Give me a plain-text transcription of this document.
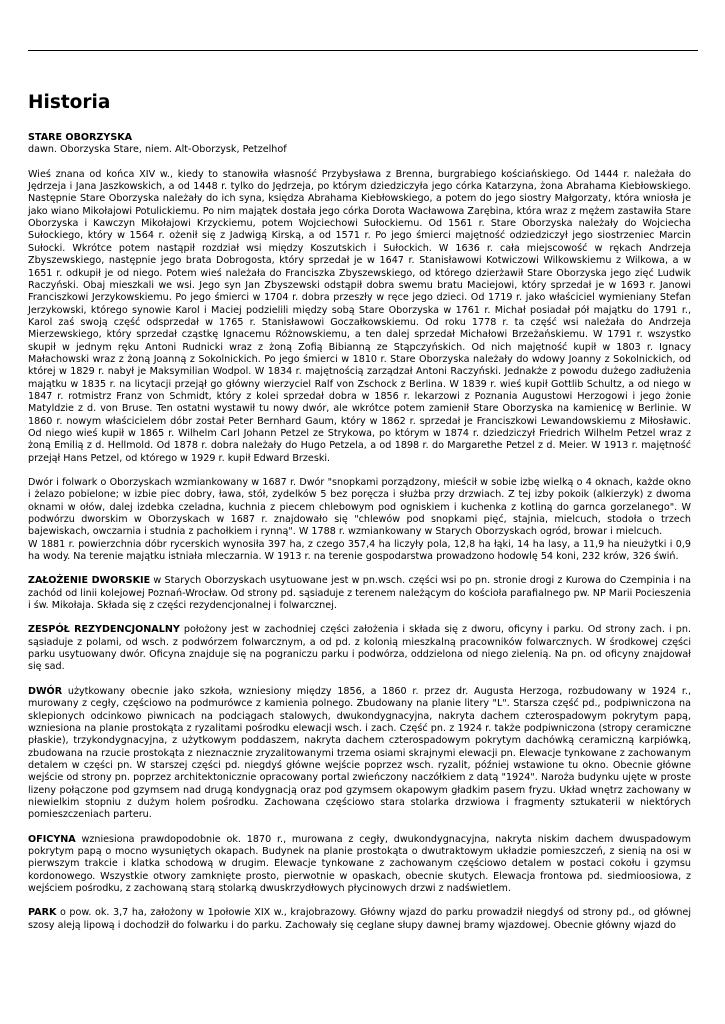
Historia
STARE OBORZYSKA

dawn. Oborzyska Stare, niem. Alt-Oborzysk, Petzelhof

Wieś znana od końca XIV w., kiedy to stanowiła własność Przybysława z Brenna, burgrabiego kościańskiego. Od 1444 r. należała do Jędrzeja i Jana Jaszkowskich, a od 1448 r. tylko do Jędrzeja, po którym dziedziczyła jego córka Katarzyna, żona Abrahama Kiebłowskiego. Następnie Stare Oborzyska należały do ich syna, księdza Abrahama Kiebłowskiego, a potem do jego siostry Małgorzaty, która wniosła je jako wiano Mikołajowi Potulickiemu. Po nim majątek dostała jego córka Dorota Wacławowa Zarębina, która wraz z mężem zastawiła Stare Oborzyska i Kawczyn Mikołajowi Krzyckiemu, potem Wojciechowi Sułockiemu. Od 1561 r. Stare Oborzyska należały do Wojciecha Sułockiego, który w 1564 r. ożenił się z Jadwigą Kirską, a od 1571 r. Po jego śmierci majętność odziedziczył jego siostrzeniec Marcin Sułocki. Wkrótce potem nastąpił rozdział wsi między Koszutskich i Sułockich. W 1636 r. cała miejscowość w rękach Andrzeja Zbyszewskiego, następnie jego brata Dobrogosta, który sprzedał je w 1647 r. Stanisławowi Kotwiczowi Wilkowskiemu z Wilkowa, a w 1651 r. odkupił je od niego. Potem wieś należała do Franciszka Zbyszewskiego, od którego dzierżawił Stare Oborzyska jego zięć Ludwik Raczyński. Obaj mieszkali we wsi. Jego syn Jan Zbyszewski odstąpił dobra swemu bratu Maciejowi, który sprzedał je w 1693 r. Janowi Franciszkowi Jerzykowskiemu. Po jego śmierci w 1704 r. dobra przeszły w ręce jego dzieci. Od 1719 r. jako właściciel wymieniany Stefan Jerzykowski, którego synowie Karol i Maciej podzielili między sobą Stare Oborzyska w 1761 r. Michał posiadał pół majątku do 1791 r., Karol zaś swoją część odsprzedał w 1765 r. Stanisławowi Goczałkowskiemu. Od roku 1778 r. ta część wsi należała do Andrzeja Mierzewskiego, który sprzedał cząstkę Ignacemu Różnowskiemu, a ten dalej sprzedał Michałowi Brzeżańskiemu. W 1791 r. wszystko skupił w jednym ręku Antoni Rudnicki wraz z żoną Zofią Bibianną ze Stąpczyńskich. Od nich majętność kupił w 1803 r. Ignacy Małachowski wraz z żoną Joanną z Sokolnickich. Po jego śmierci w 1810 r. Stare Oborzyska należały do wdowy Joanny z Sokolnickich, od której w 1829 r. nabył je Maksymilian Wodpol. W 1834 r. majętnością zarządzał Antoni Raczyński. Jednakże z powodu dużego zadłużenia majątku w 1835 r. na licytacji przejął go główny wierzyciel Ralf von Zschock z Berlina. W 1839 r. wieś kupił Gottlib Schultz, a od niego w 1847 r. rotmistrz Franz von Schmidt, który z kolei sprzedał dobra w 1856 r. lekarzowi z Poznania Augustowi Herzogowi i jego żonie Matyldzie z d. von Bruse. Ten ostatni wystawił tu nowy dwór, ale wkrótce potem zamienił Stare Oborzyska na kamienicę w Berlinie. W 1860 r. nowym właścicielem dóbr został Peter Bernhard Gaum, który w 1862 r. sprzedał je Franciszkowi Lewandowskiemu z Miłosławic. Od niego wieś kupił w 1865 r. Wilhelm Carl Johann Petzel ze Strykowa, po którym w 1874 r. dziedziczył Friedrich Wilhelm Petzel wraz z żoną Emilią z d. Hellmold. Od 1878 r. dobra należały do Hugo Petzela, a od 1898 r. do Margarethe Petzel z d. Meier. W 1913 r. majętność przejął Hans Petzel, od którego w 1929 r. kupił Edward Brzeski.

Dwór i folwark o Oborzyskach wzmiankowany w 1687 r. Dwór "snopkami porządzony, mieścił w sobie izbę wielką o 4 oknach, każde okno i żelazo pobielone; w izbie piec dobry, ława, stół, zydelków 5 bez poręcza i służba przy drzwiach. Z tej izby pokoik (alkierzyk) z dwoma oknami w ołów, dalej izdebka czeladna, kuchnia z piecem chlebowym pod ogniskiem i kuchenka z kotliną do garnca gorzelanego". W podwórzu dworskim w Oborzyskach w 1687 r. znajdowało się "chlewów pod snopkami pięć, stajnia, mielcuch, stodoła o trzech bajewiskach, owczarnia i studnia z pachołkiem i rynną". W 1788 r. wzmiankowany w Starych Oborzyskach ogród, browar i mielcuch.

W 1881 r. powierzchnia dóbr rycerskich wynosiła 397 ha, z czego 357,4 ha liczyły pola, 12,8 ha łąki, 14 ha lasy, a 11,9 ha nieużytki i 0,9 ha wody. Na terenie majątku istniała mleczarnia. W 1913 r. na terenie gospodarstwa prowadzono hodowlę 54 koni, 232 krów, 326 świń.

ZAŁOŻENIE DWORSKIE w Starych Oborzyskach usytuowane jest w pn.wsch. części wsi po pn. stronie drogi z Kurowa do Czempinia i na zachód od linii kolejowej Poznań-Wrocław. Od strony pd. sąsiaduje z terenem należącym do kościoła parafialnego pw. NP Marii Pocieszenia i św. Mikołaja. Składa się z części rezydencjonalnej i folwarcznej.

ZESPÓŁ REZYDENCJONALNY położony jest w zachodniej części założenia i składa się z dworu, oficyny i parku. Od strony zach. i pn. sąsiaduje z polami, od wsch. z podwórzem folwarcznym, a od pd. z kolonią mieszkalną pracowników folwarcznych. W środkowej części parku usytuowany dwór. Oficyna znajduje się na pograniczu parku i podwórza, oddzielona od niego zielenią. Na pn. od oficyny znajdował się sad.

DWÓR użytkowany obecnie jako szkoła, wzniesiony między 1856, a 1860 r. przez dr. Augusta Herzoga, rozbudowany w 1924 r., murowany z cegły, częściowo na podmurówce z kamienia polnego. Zbudowany na planie litery "L". Starsza część pd., podpiwniczona na sklepionych odcinkowo piwnicach na podciągach stalowych, dwukondygnacyjna, nakryta dachem czterospadowym pokrytym papą, wzniesiona na planie prostokąta z ryzalitami pośrodku elewacji wsch. i zach. Część pn. z 1924 r. także podpiwniczona (stropy ceramiczne płaskie), trzykondygnacyjna, z użytkowym poddaszem, nakryta dachem czterospadowym pokrytym dachówką ceramiczną karpiówką, zbudowana na rzucie prostokąta z nieznacznie zryzalitowanymi trzema osiami skrajnymi elewacji pn. Elewacje tynkowane z zachowanym detalem w części pn. W starszej części pd. niegdyś główne wejście poprzez wsch. ryzalit, później wstawione tu okno. Obecnie główne wejście od strony pn. poprzez architektonicznie opracowany portal zwieńczony naczółkiem z datą "1924". Naroża budynku ujęte w proste lizeny połączone pod gzymsem nad drugą kondygnacją oraz pod gzymsem okapowym gładkim pasem fryzu. Układ wnętrz zachowany w niewielkim stopniu z dużym holem pośrodku. Zachowana częściowo stara stolarka drzwiowa i fragmenty sztukaterii w niektórych pomieszczeniach parteru.

OFICYNA wzniesiona prawdopodobnie ok. 1870 r., murowana z cegły, dwukondygnacyjna, nakryta niskim dachem dwuspadowym pokrytym papą o mocno wysuniętych okapach. Budynek na planie prostokąta o dwutraktowym układzie pomieszczeń, z sienią na osi w pierwszym trakcie i klatka schodową w drugim. Elewacje tynkowane z zachowanym częściowo detalem w postaci cokołu i gzymsu kordonowego. Wszystkie otwory zamknięte prosto, pierwotnie w opaskach, obecnie skutych. Elewacja frontowa pd. siedmioosiowa, z wejściem pośrodku, z zachowaną starą stolarką dwuskrzydłowych płycinowych drzwi z nadświetlem.

PARK o pow. ok. 3,7 ha, założony w 1połowie XIX w., krajobrazowy. Główny wjazd do parku prowadził niegdyś od strony pd., od głównej szosy aleją lipową i dochodził do folwarku i do parku. Zachowały się ceglane słupy dawnej bramy wjazdowej. Obecnie główny wjazd do
